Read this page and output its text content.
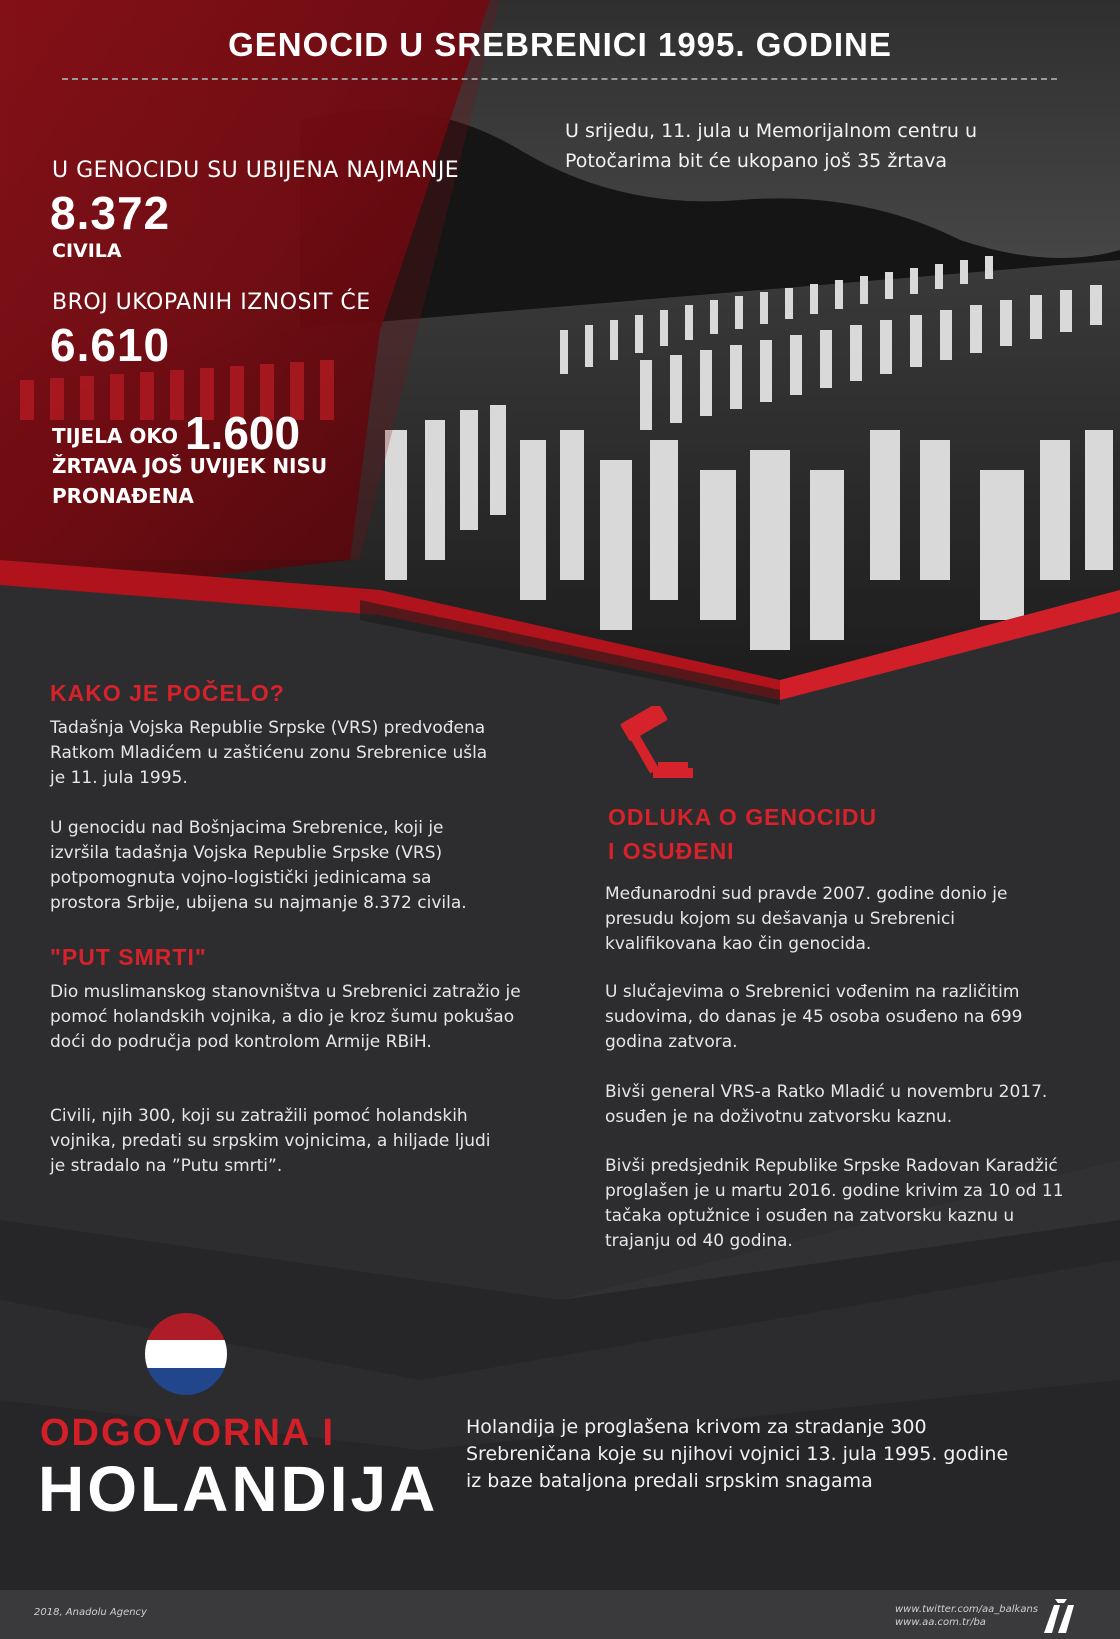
GENOCID U SREBRENICI 1995. GODINE
U srijedu, 11. jula u Memorijalnom centru u Potočarima bit će ukopano još 35 žrtava
U GENOCIDU SU UBIJENA NAJMANJE
8.372
CIVILA
BROJ UKOPANIH IZNOSIT ĆE
6.610
TIJELA OKO 1.600
ŽRTAVA JOŠ UVIJEK NISU PRONAĐENA
KAKO JE POČELO?
Tadašnja Vojska Republie Srpske (VRS) predvođena Ratkom Mladićem u zaštićenu zonu Srebrenice ušla je 11. jula 1995.
U genocidu nad Bošnjacima Srebrenice, koji je izvršila tadašnja Vojska Republie Srpske (VRS) potpomognuta vojno-logistički jedinicama sa prostora Srbije, ubijena su najmanje 8.372 civila.
"PUT SMRTI"
Dio muslimanskog stanovništva u Srebrenici zatražio je pomoć holandskih vojnika, a dio je kroz šumu pokušao doći do područja pod kontrolom Armije RBiH.
Civili, njih 300, koji su zatražili pomoć holandskih vojnika, predati su srpskim vojnicima, a hiljade ljudi je stradalo na ”Putu smrti”.
ODLUKA O GENOCIDU
I OSUĐENI
Međunarodni sud pravde 2007. godine donio je presudu kojom su dešavanja u Srebrenici kvalifikovana kao čin genocida.
U slučajevima o Srebrenici vođenim na različitim sudovima, do danas je 45 osoba osuđeno na 699 godina zatvora.
Bivši general VRS-a Ratko Mladić u novembru 2017. osuđen je na doživotnu zatvorsku kaznu.
Bivši predsjednik Republike Srpske Radovan Karadžić proglašen je u martu 2016. godine krivim za 10 od 11 tačaka optužnice i osuđen na zatvorsku kaznu u trajanju od 40 godina.
ODGOVORNA I
HOLANDIJA
Holandija je proglašena krivom za stradanje 300 Srebreničana koje su njihovi vojnici 13. jula 1995. godine iz baze bataljona predali srpskim snagama
2018, Anadolu Agency	www.twitter.com/aa_balkans
www.aa.com.tr/ba
